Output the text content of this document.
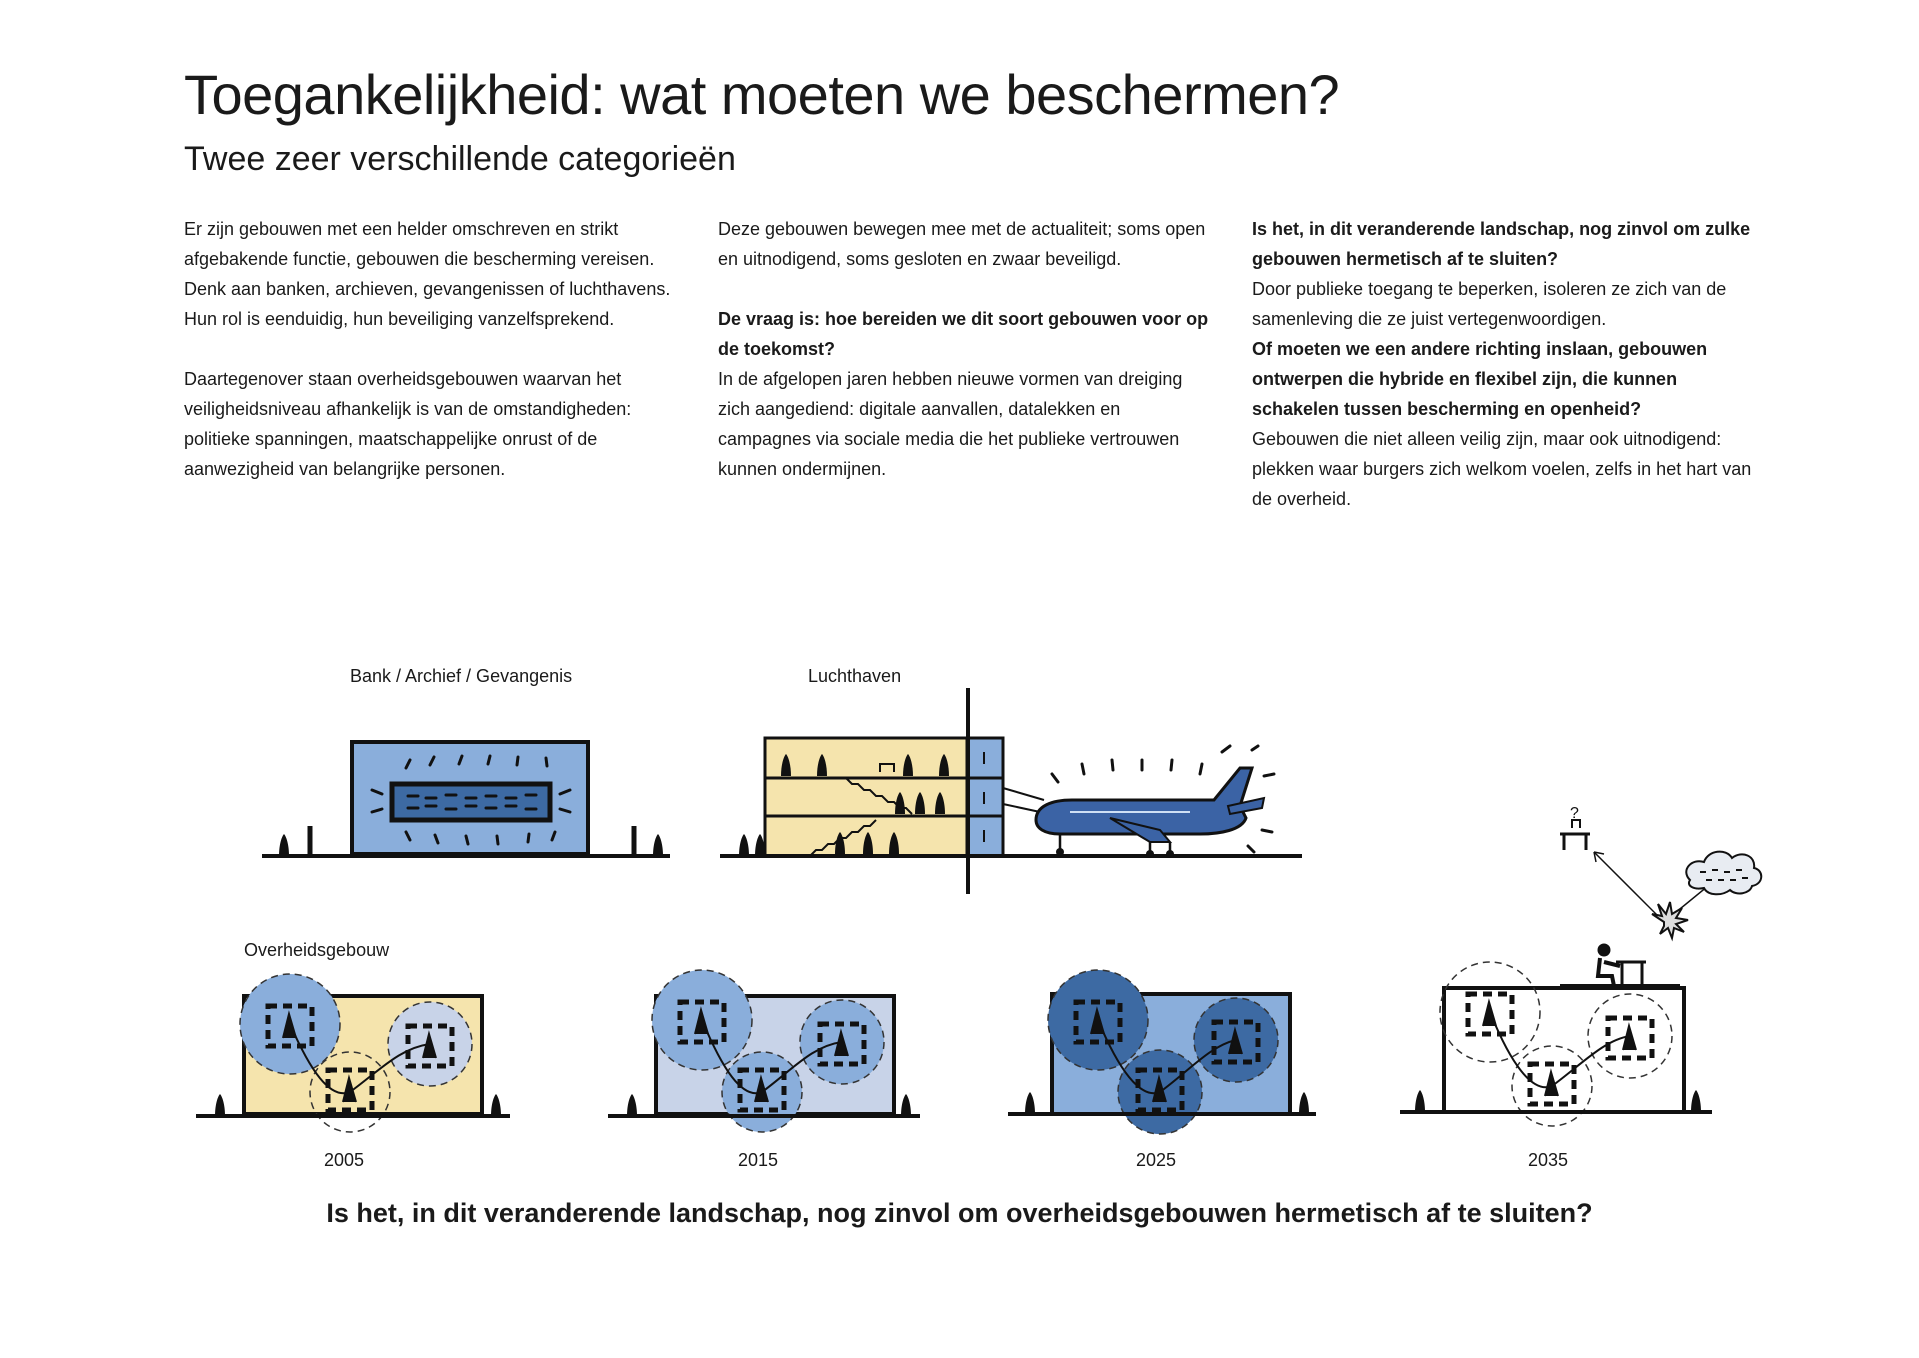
Toegankelijkheid: wat moeten we beschermen?
Twee zeer verschillende categorieën

Er zijn gebouwen met een helder omschreven en strikt afgebakende functie, gebouwen die bescherming vereisen. Denk aan banken, archieven, gevangenissen of luchthavens.

Hun rol is eenduidig, hun beveiliging vanzelfsprekend.

Daartegenover staan overheidsgebouwen waarvan het veiligheidsniveau afhankelijk is van de omstandigheden: politieke spanningen, maatschappelijke onrust of de aanwezigheid van belangrijke personen.

Deze gebouwen bewegen mee met de actualiteit; soms open en uitnodigend, soms gesloten en zwaar beveiligd.

De vraag is: hoe bereiden we dit soort gebouwen voor op de toekomst?

In de afgelopen jaren hebben nieuwe vormen van dreiging zich aangediend: digitale aanvallen, datalekken en campagnes via sociale media die het publieke vertrouwen kunnen ondermijnen.

Is het, in dit veranderende landschap, nog zinvol om zulke gebouwen hermetisch af te sluiten?

Door publieke toegang te beperken, isoleren ze zich van de samenleving die ze juist vertegenwoordigen.

Of moeten we een andere richting inslaan, gebouwen ontwerpen die hybride en flexibel zijn, die kunnen schakelen tussen bescherming en openheid?

Gebouwen die niet alleen veilig zijn, maar ook uitnodigend: plekken waar burgers zich welkom voelen, zelfs in het hart van de overheid.

?
Bank / Archief / Gevangenis	Luchthaven
Overheidsgebouw
2005	2015	2025	2035

Is het, in dit veranderende landschap, nog zinvol om overheidsgebouwen hermetisch af te sluiten?
